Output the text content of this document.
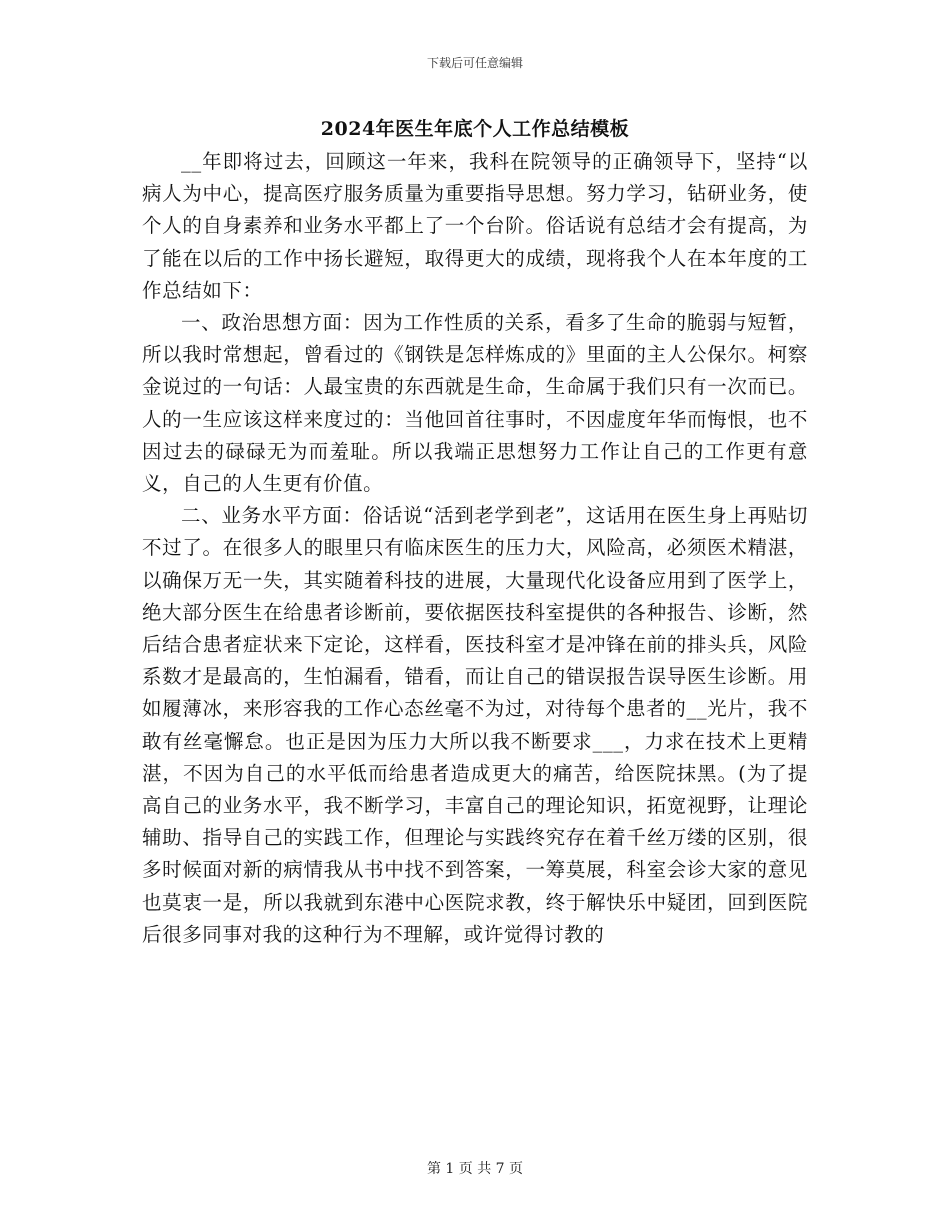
下载后可任意编辑
2024年医生年底个人工作总结模板

__年即将过去，回顾这一年来，我科在院领导的正确领导下，坚持“以病人为中心，提高医疗服务质量为重要指导思想。努力学习，钻研业务，使个人的自身素养和业务水平都上了一个台阶。俗话说有总结才会有提高，为了能在以后的工作中扬长避短，取得更大的成绩，现将我个人在本年度的工作总结如下：

一、政治思想方面：因为工作性质的关系，看多了生命的脆弱与短暂，所以我时常想起，曾看过的《钢铁是怎样炼成的》里面的主人公保尔。柯察金说过的一句话：人最宝贵的东西就是生命，生命属于我们只有一次而已。人的一生应该这样来度过的：当他回首往事时，不因虚度年华而悔恨，也不因过去的碌碌无为而羞耻。所以我端正思想努力工作让自己的工作更有意义，自己的人生更有价值。

二、业务水平方面：俗话说“活到老学到老”，这话用在医生身上再贴切不过了。在很多人的眼里只有临床医生的压力大，风险高，必须医术精湛，以确保万无一失，其实随着科技的进展，大量现代化设备应用到了医学上，绝大部分医生在给患者诊断前，要依据医技科室提供的各种报告、诊断，然后结合患者症状来下定论，这样看，医技科室才是冲锋在前的排头兵，风险系数才是最高的，生怕漏看，错看，而让自己的错误报告误导医生诊断。用如履薄冰，来形容我的工作心态丝毫不为过，对待每个患者的__光片，我不敢有丝毫懈怠。也正是因为压力大所以我不断要求___，力求在技术上更精湛，不因为自己的水平低而给患者造成更大的痛苦，给医院抹黑。(为了提高自己的业务水平，我不断学习，丰富自己的理论知识，拓宽视野，让理论辅助、指导自己的实践工作，但理论与实践终究存在着千丝万缕的区别，很多时候面对新的病情我从书中找不到答案，一筹莫展，科室会诊大家的意见也莫衷一是，所以我就到东港中心医院求教，终于解快乐中疑团，回到医院后很多同事对我的这种行为不理解，或许觉得讨教的

第 1 页 共 7 页
